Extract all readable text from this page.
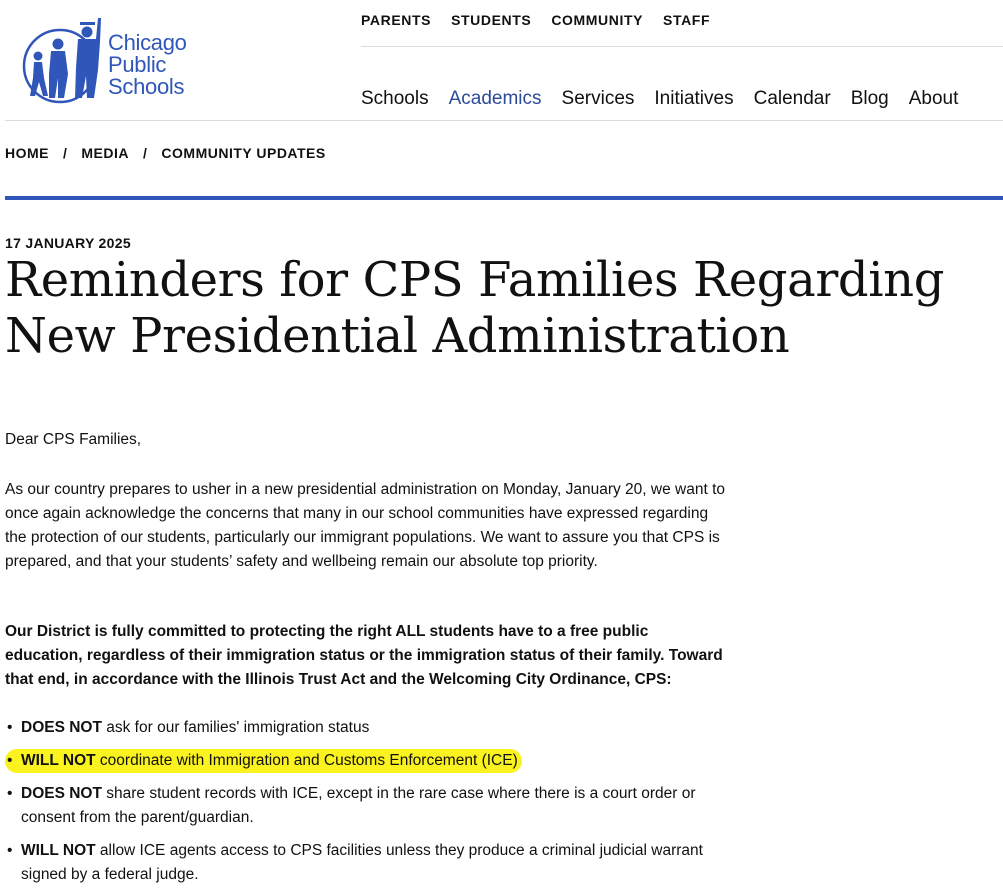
Chicago
Public
Schools
PARENTS STUDENTS COMMUNITY STAFF
Schools Academics Services Initiatives Calendar Blog About
HOME / MEDIA / COMMUNITY UPDATES
17 JANUARY 2025
Reminders for CPS Families Regarding New Presidential Administration

Dear CPS Families,

As our country prepares to usher in a new presidential administration on Monday, January 20, we want to once again acknowledge the concerns that many in our school communities have expressed regarding the protection of our students, particularly our immigrant populations. We want to assure you that CPS is prepared, and that your students’ safety and wellbeing remain our absolute top priority.

Our District is fully committed to protecting the right ALL students have to a free public education, regardless of their immigration status or the immigration status of their family. Toward that end, in accordance with the Illinois Trust Act and the Welcoming City Ordinance, CPS:

• DOES NOT ask for our families' immigration status
• WILL NOT coordinate with Immigration and Customs Enforcement (ICE)
• DOES NOT share student records with ICE, except in the rare case where there is a court order or consent from the parent/guardian.
• WILL NOT allow ICE agents access to CPS facilities unless they produce a criminal judicial warrant signed by a federal judge.
